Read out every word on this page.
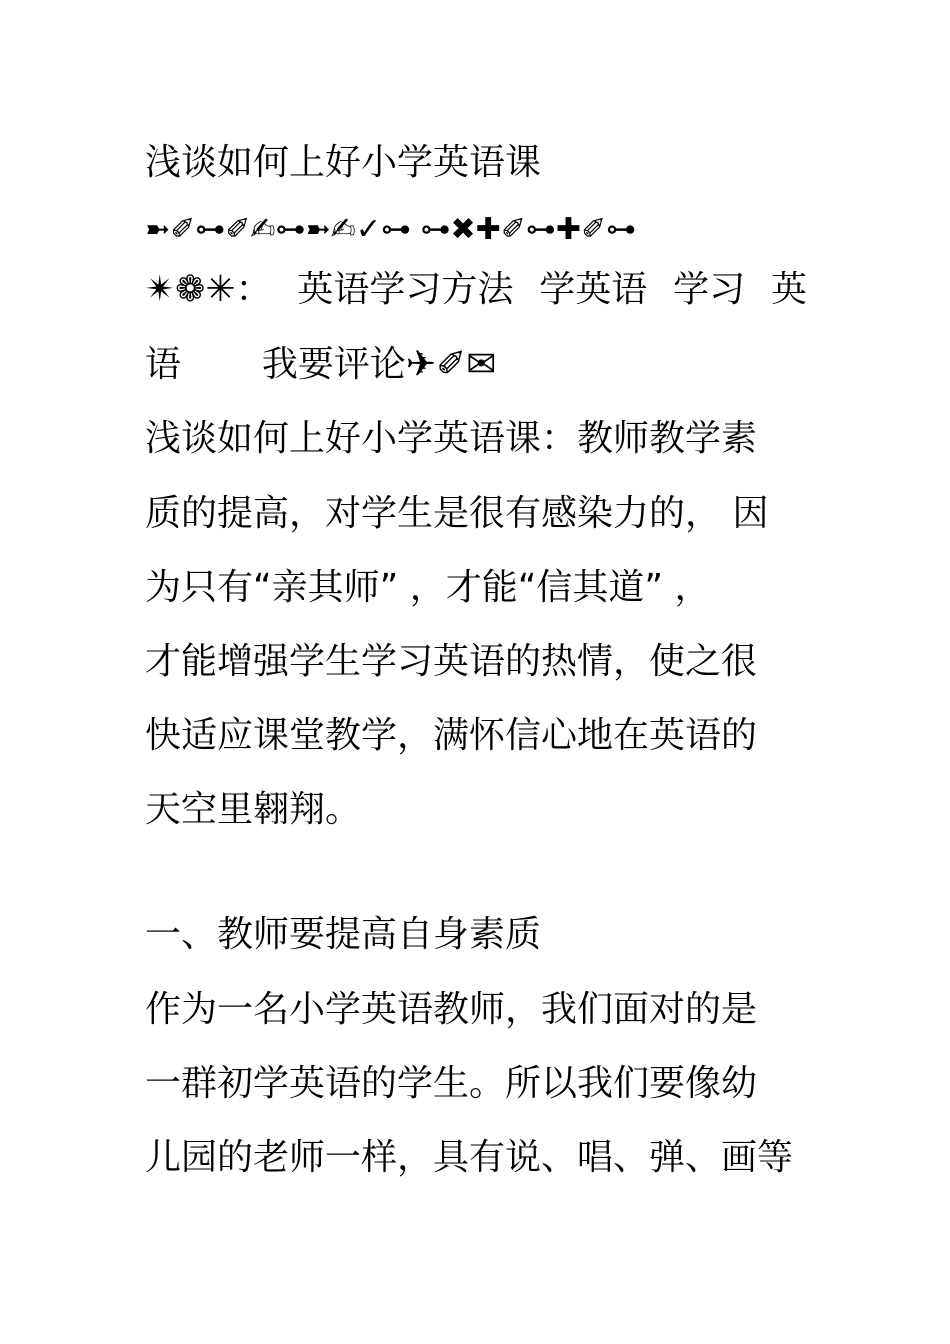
浅谈如何上好小学英语课
➼✐⊶✐✍⊶➼✍✓⊶ ⊶✖✚✐⊶✚✐⊶
✴❁✳： 英语学习方法 学英语 学习 英
语 我要评论✈✐✉
浅谈如何上好小学英语课：教师教学素
质的提高，对学生是很有感染力的， 因
为只有“亲其师” ，才能“信其道” ，
才能增强学生学习英语的热情，使之很
快适应课堂教学，满怀信心地在英语的
天空里翱翔。
一、教师要提高自身素质
作为一名小学英语教师，我们面对的是
一群初学英语的学生。所以我们要像幼
儿园的老师一样，具有说、唱、弹、画等
